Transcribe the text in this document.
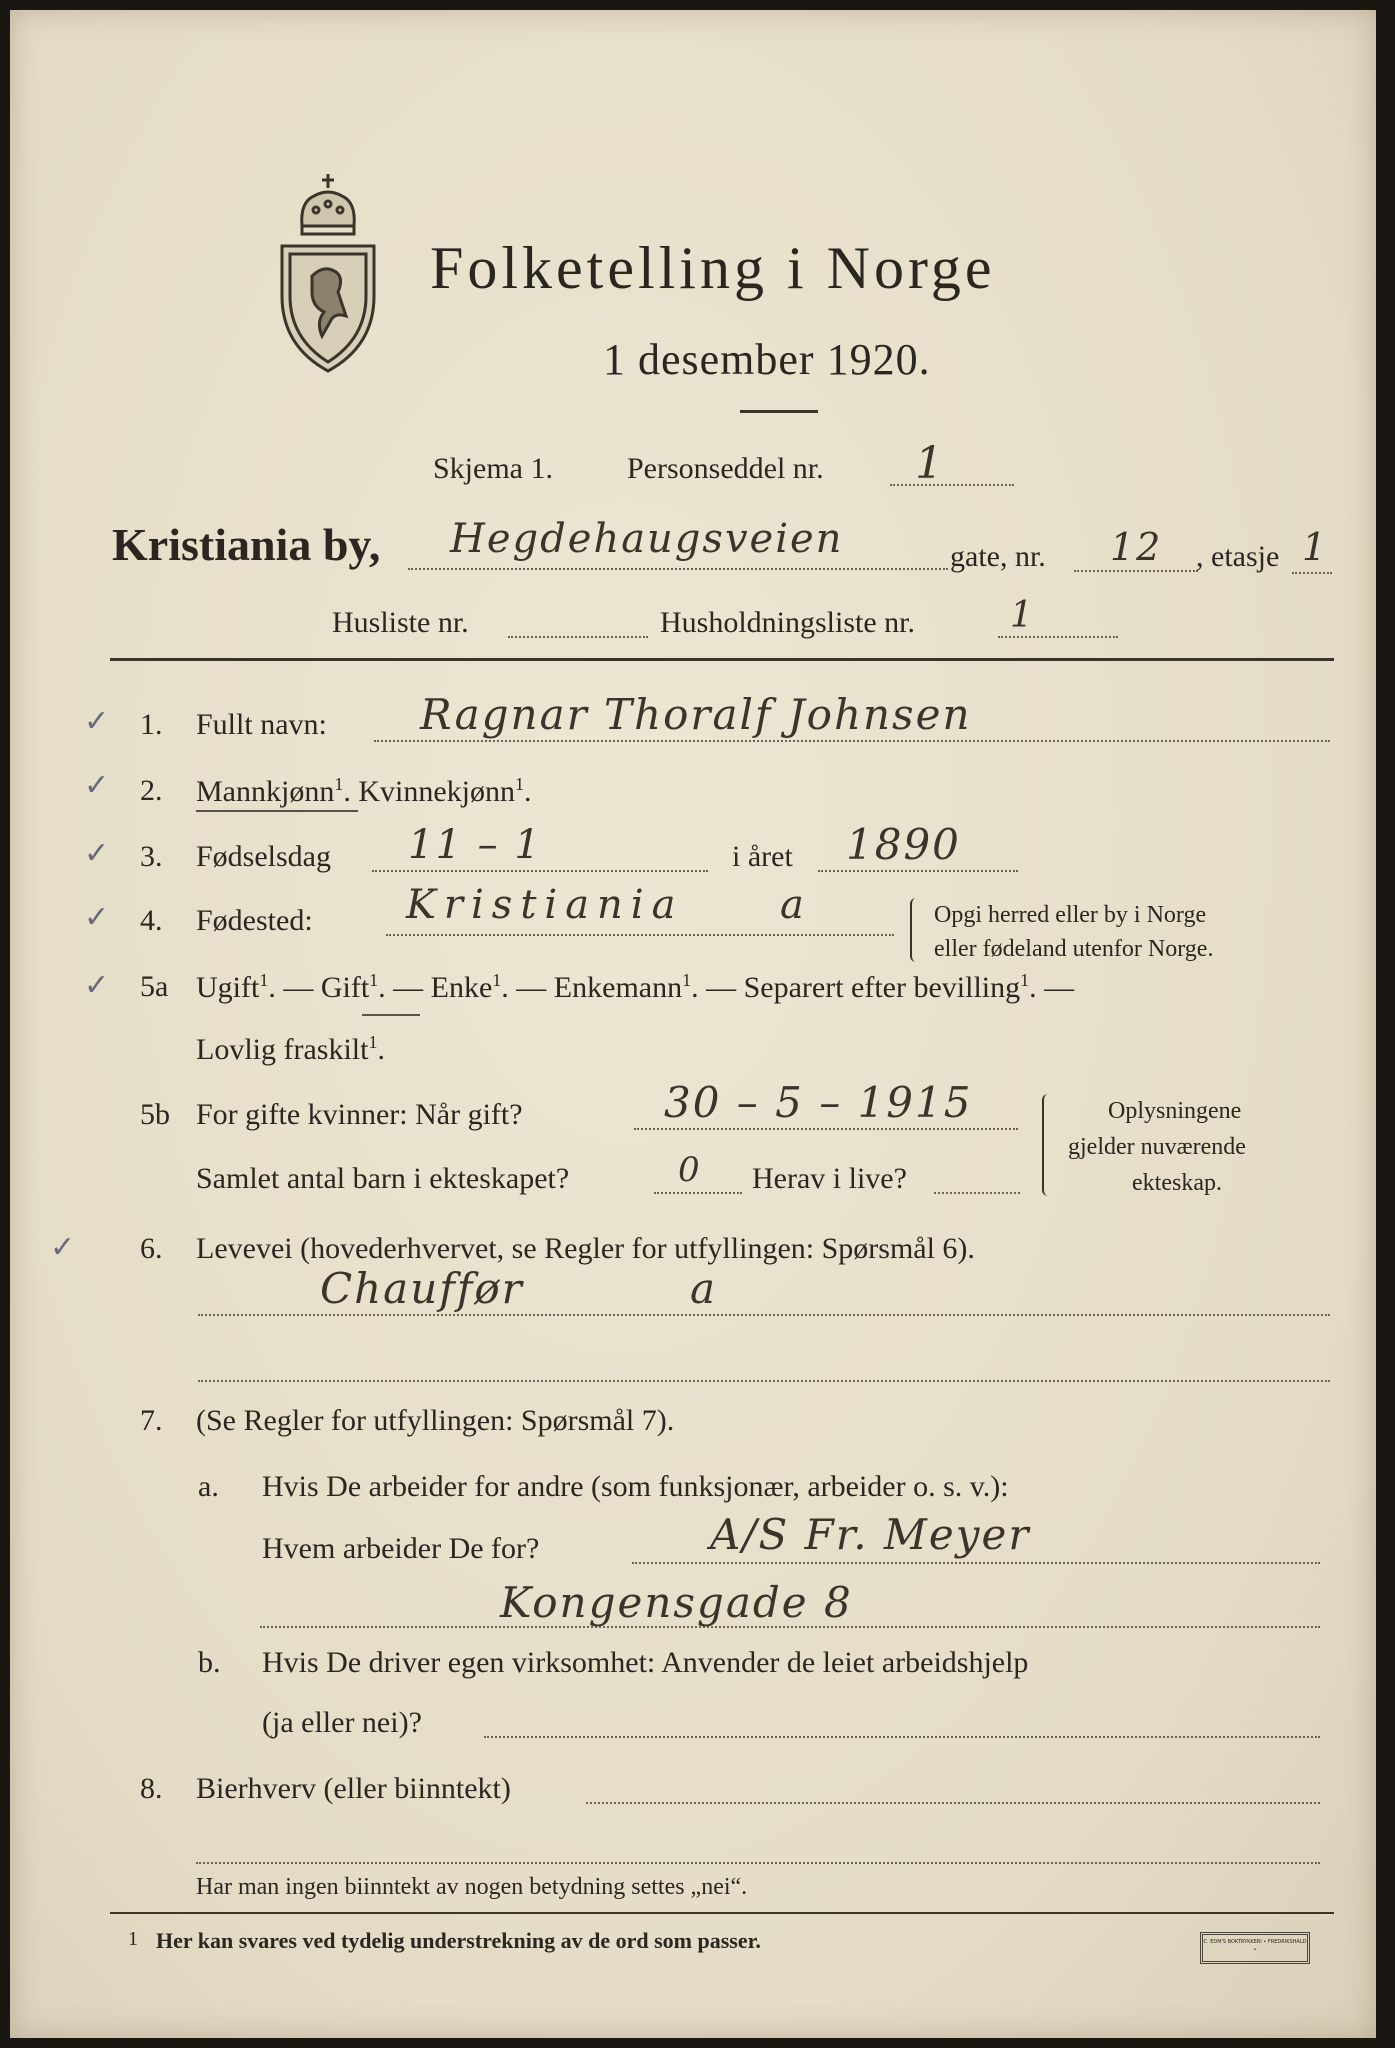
Folketelling i Norge
1 desember 1920.
Skjema 1. Personseddel nr. 1
Kristiania by, Hegdehaugsveien	gate, nr. 12 , etasje 1
Husliste nr.	Husholdningsliste nr.	1
✓ 1. Fullt navn: Ragnar Thoralf Johnsen
✓ 2. Mannkjønn$^1$. Kvinnekjønn$^1$.
✓ 3. Fødselsdag 11 – 1	i året 1890
✓ 4. Fødested: Kristiania a	Opgi herred eller by i Norge
eller fødeland utenfor Norge.
✓ 5a Ugift$^1$. — Gift$^1$. — Enke$^1$. — Enkemann$^1$. — Separert efter bevilling$^1$. —
Lovlig fraskilt$^1$.
5b For gifte kvinner: Når gift?	30 – 5 – 1915
Samlet antal barn i ekteskapet?	0 Herav i live?
Oplysningene
gjelder nuværende
ekteskap.
✓ 6. Levevei (hovederhvervet, se Regler for utfyllingen: Spørsmål 6).
Chauffør	a
7. (Se Regler for utfyllingen: Spørsmål 7).
a. Hvis De arbeider for andre (som funksjonær, arbeider o. s. v.):
Hvem arbeider De for?	A/S Fr. Meyer
Kongensgade 8
b. Hvis De driver egen virksomhet: Anvender de leiet arbeidshjelp
(ja eller nei)?
8. Bierhverv (eller biinntekt)
Har man ingen biinntekt av nogen betydning settes „nei“.
1 Her kan svares ved tydelig understrekning av de ord som passer.	C. EDM'S BOKTRYKKERI • FREDRIKSHALD •
